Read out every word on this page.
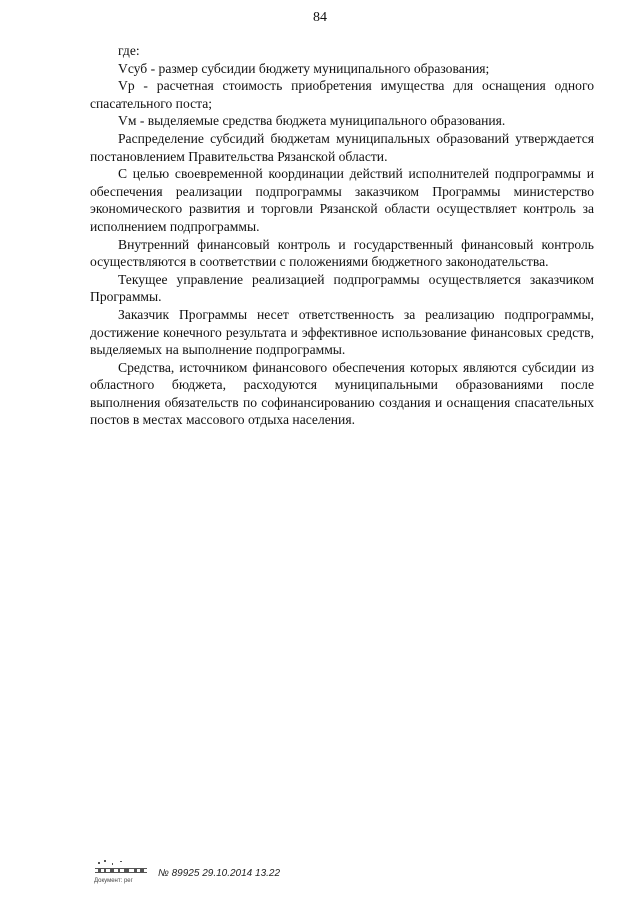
84

где:

Vсуб - размер субсидии бюджету муниципального образования;

Vр - расчетная стоимость приобретения имущества для оснащения одного спасательного поста;

Vм - выделяемые средства бюджета муниципального образования.

Распределение субсидий бюджетам муниципальных образований утверждается постановлением Правительства Рязанской области.

С целью своевременной координации действий исполнителей подпрограммы и обеспечения реализации подпрограммы заказчиком Программы министерство экономического развития и торговли Рязанской области осуществляет контроль за исполнением подпрограммы.

Внутренний финансовый контроль и государственный финансовый контроль осуществляются в соответствии с положениями бюджетного законодательства.

Текущее управление реализацией подпрограммы осуществляется заказчиком Программы.

Заказчик Программы несет ответственность за реализацию подпрограммы, достижение конечного результата и эффективное использование финансовых средств, выделяемых на выполнение подпрограммы.

Средства, источником финансового обеспечения которых являются субсидии из областного бюджета, расходуются муниципальными образованиями после выполнения обязательств по софинансированию создания и оснащения спасательных постов в местах массового отдыха населения.

Документ: рег
№ 89925 29.10.2014 13.22
